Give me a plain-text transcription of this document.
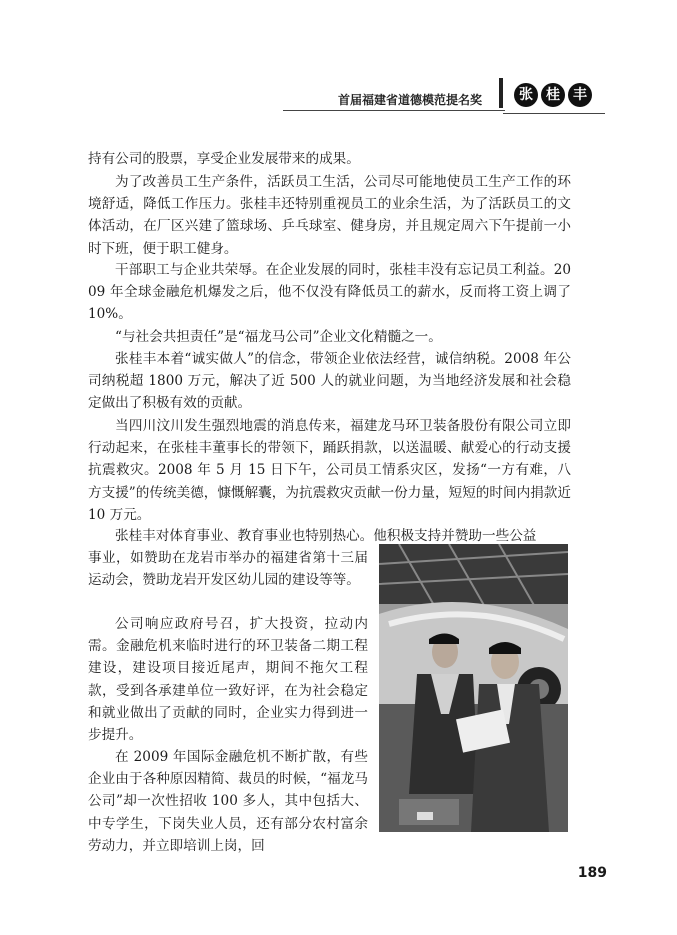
首届福建省道德模范提名奖	张 桂 丰

持有公司的股票，享受企业发展带来的成果。

为了改善员工生产条件，活跃员工生活，公司尽可能地使员工生产工作的环境舒适，降低工作压力。张桂丰还特别重视员工的业余生活，为了活跃员工的文体活动，在厂区兴建了篮球场、乒乓球室、健身房，并且规定周六下午提前一小时下班，便于职工健身。

干部职工与企业共荣辱。在企业发展的同时，张桂丰没有忘记员工利益。2009 年全球金融危机爆发之后，他不仅没有降低员工的薪水，反而将工资上调了 10%。

“与社会共担责任”是“福龙马公司”企业文化精髓之一。

张桂丰本着“诚实做人”的信念，带领企业依法经营，诚信纳税。2008 年公司纳税超 1800 万元，解决了近 500 人的就业问题，为当地经济发展和社会稳定做出了积极有效的贡献。

当四川汶川发生强烈地震的消息传来，福建龙马环卫装备股份有限公司立即行动起来，在张桂丰董事长的带领下，踊跃捐款，以送温暖、献爱心的行动支援抗震救灾。2008 年 5 月 15 日下午，公司员工情系灾区，发扬“一方有难，八方支援”的传统美德，慷慨解囊，为抗震救灾贡献一份力量，短短的时间内捐款近 10 万元。

张桂丰对体育事业、教育事业也特别热心。他积极支持并赞助一些公益

事业，如赞助在龙岩市举办的福建省第十三届运动会，赞助龙岩开发区幼儿园的建设等等。

公司响应政府号召，扩大投资，拉动内需。金融危机来临时进行的环卫装备二期工程建设，建设项目接近尾声，期间不拖欠工程款，受到各承建单位一致好评，在为社会稳定和就业做出了贡献的同时，企业实力得到进一步提升。

在 2009 年国际金融危机不断扩散，有些企业由于各种原因精简、裁员的时候，“福龙马公司”却一次性招收 100 多人，其中包括大、中专学生，下岗失业人员，还有部分农村富余劳动力，并立即培训上岗，回

189
